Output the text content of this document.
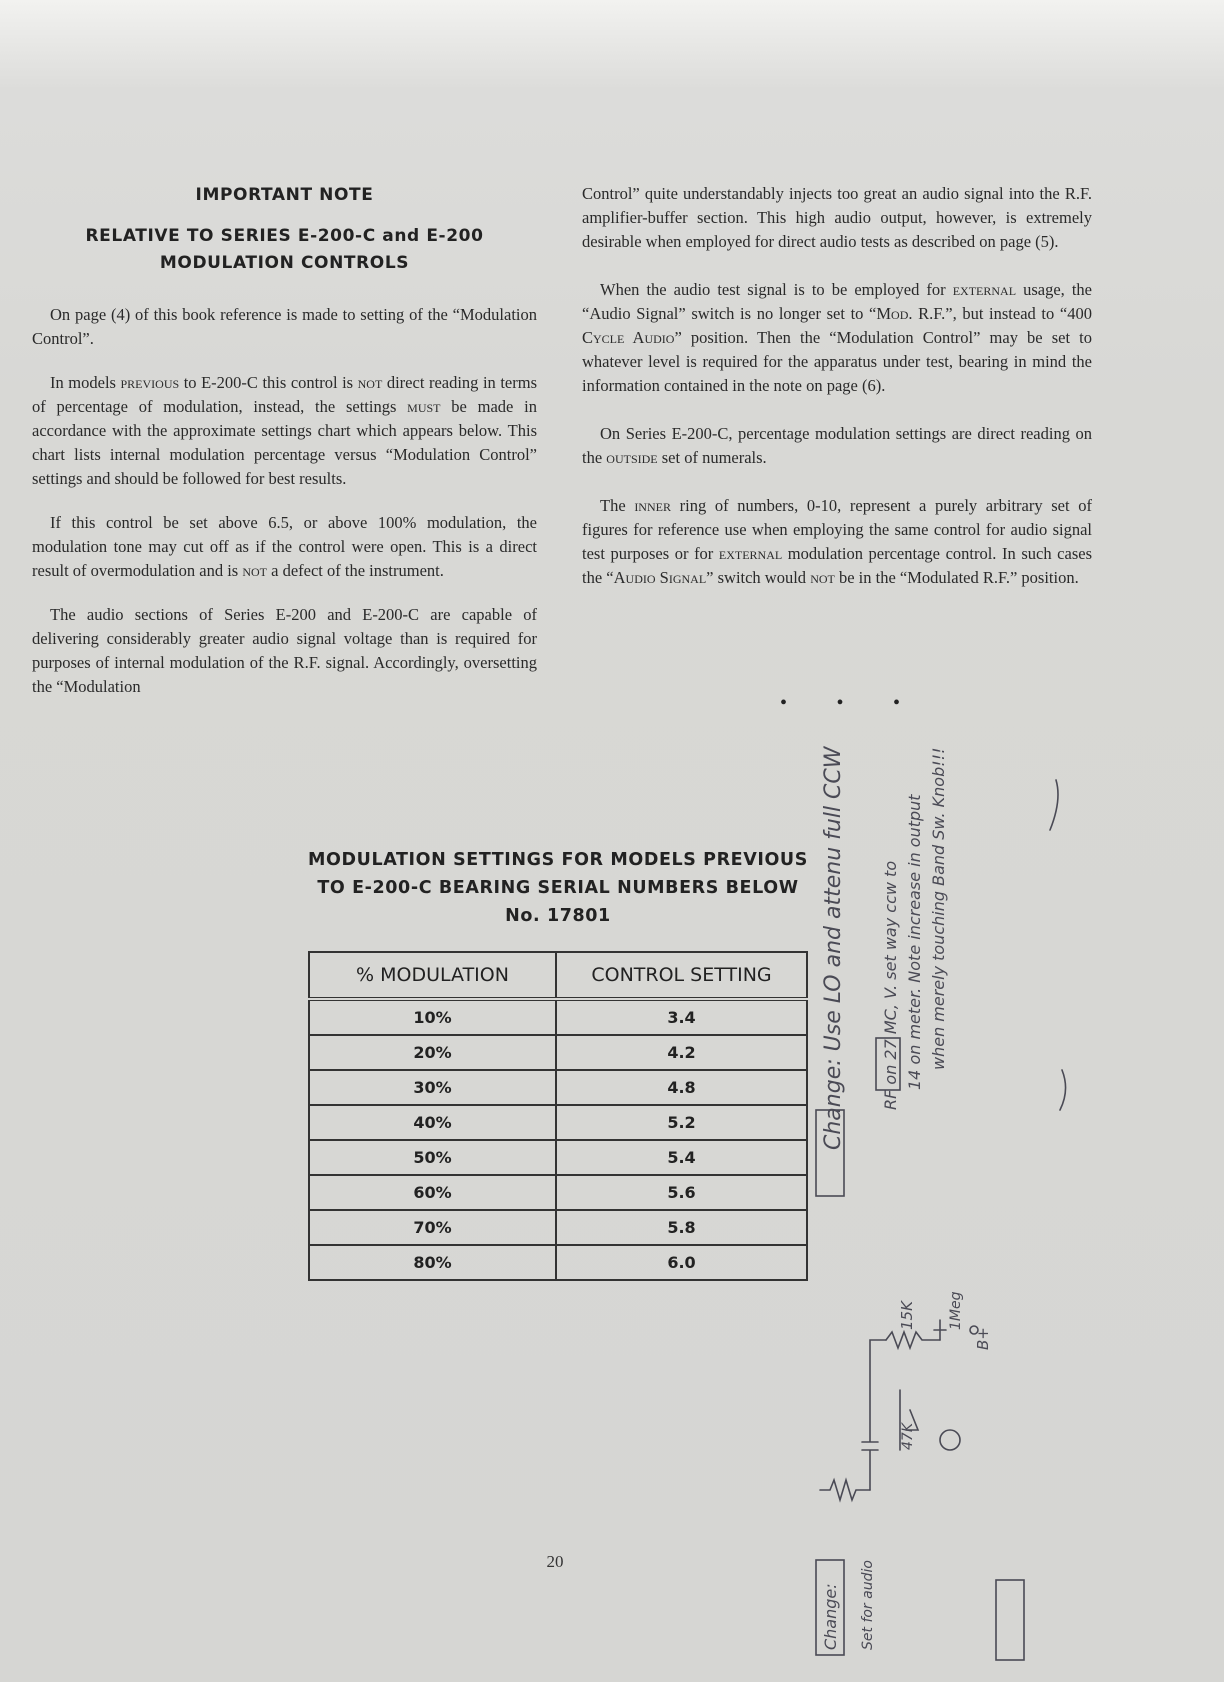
IMPORTANT NOTE
RELATIVE TO SERIES E-200-C and E-200 MODULATION CONTROLS

On page (4) of this book reference is made to setting of the “Modulation Control”.

In models previous to E-200-C this control is not direct reading in terms of percentage of modulation, instead, the settings must be made in accordance with the approximate settings chart which appears below. This chart lists internal modulation percentage versus “Modulation Control” settings and should be followed for best results.

If this control be set above 6.5, or above 100% modulation, the modulation tone may cut off as if the control were open. This is a direct result of overmodulation and is not a defect of the instrument.

The audio sections of Series E-200 and E-200-C are capable of delivering considerably greater audio signal voltage than is required for purposes of internal modulation of the R.F. signal. Accordingly, oversetting the “Modulation

Control” quite understandably injects too great an audio signal into the R.F. amplifier-buffer section. This high audio output, however, is extremely desirable when employed for direct audio tests as described on page (5).

When the audio test signal is to be employed for external usage, the “Audio Signal” switch is no longer set to “Mod. R.F.”, but instead to “400 Cycle Audio” position. Then the “Modulation Control” may be set to whatever level is required for the apparatus under test, bearing in mind the information contained in the note on page (6).

On Series E-200-C, percentage modulation settings are direct reading on the outside set of numerals.

The inner ring of numbers, 0-10, represent a purely arbitrary set of figures for reference use when employing the same control for audio signal test purposes or for external modulation percentage control. In such cases the “Audio Signal” switch would not be in the “Modulated R.F.” position.

• • •
MODULATION SETTINGS FOR MODELS PREVIOUS TO E-200-C BEARING SERIAL NUMBERS BELOW No. 17801
% MODULATION	CONTROL SETTING
10%	3.4
20%	4.2
30%	4.8
40%	5.2
50%	5.4
60%	5.6
70%	5.8
80%	6.0
20
Change: Use LO and attenu full CCW RF on 27 MC, V. set way ccw to 14 on meter. Note increase in output when merely touching Band Sw. Knob!!!
15K 1Meg
B+
47K
Change: Set for audio
